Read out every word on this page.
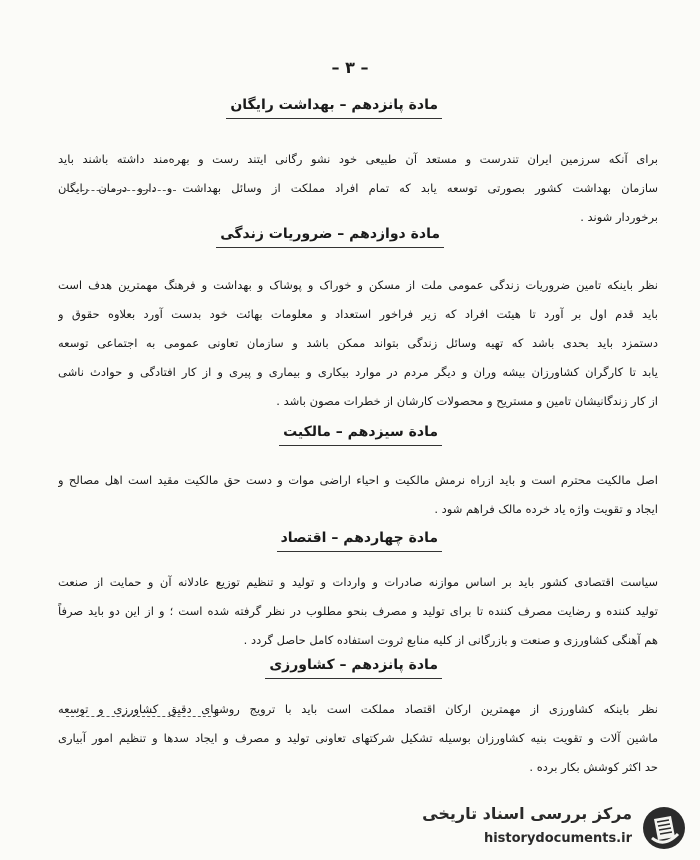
– ۳ –
مادة پانزدهم – بهداشت رایگان
برای آنکه سرزمین ایران تندرست و مستعد آن طبیعی خود نشو رگانی ایتند رست و بهره‌مند داشته باشند باید
سازمان بهداشت کشور بصورتی توسعه یابد که تمام افراد مملکت از وسائل بهداشت و دارو درمان رایگان
برخوردار شوند .
مادة دوازدهم – ضروریات زندگی
نظر باینکه تامین ضروریات زندگی عمومی ملت از مسکن و خوراک و پوشاک و بهداشت و فرهنگ مهمترین هدف است
باید قدم اول بر آورد تا هیئت افراد که زیر فراخور استعداد و معلومات بهائت خود بدست آورد بعلاوه حقوق و
دستمزد باید بحدی باشد که تهیه وسائل زندگی بتواند ممکن باشد و سازمان تعاونی عمومی به اجتماعی توسعه
یابد تا کارگران کشاورزان بیشه وران و دیگر مردم در موارد بیکاری و بیماری و پیری و از کار افتادگی و حوادث ناشی
از کار زندگانیشان تامین و مستریح و محصولات کارشان از خطرات مصون باشد .
مادة سیزدهم – مالکیت
اصل مالکیت محترم است و باید ازراه نرمش مالکیت و احیاء اراضی موات و دست حق مالکیت مقید است اهل مصالح و
ایجاد و تقویت واژه یاد خرده مالک فراهم شود .
مادة چهاردهم – اقتصاد
سیاست اقتصادی کشور باید بر اساس موازنه صادرات و واردات و تولید و تنظیم توزیع عادلانه آن و حمایت از صنعت
تولید کننده و رضایت مصرف کننده تا برای تولید و مصرف بنحو مطلوب در نظر گرفته شده است ؛ و از این دو باید صرفاً
هم آهنگی کشاورزی و صنعت و بازرگانی از کلیه منابع ثروت استفاده کامل حاصل گردد .
مادة پانزدهم – کشاورزی
نظر باینکه کشاورزی از مهمترین ارکان اقتصاد مملکت است باید با ترویج روشهای دقیق کشاورزی و توسعه
ماشین آلات و تقویت بنیه کشاورزان بوسیله تشکیل شرکتهای تعاونی تولید و مصرف و ایجاد سدها و تنظیم امور آبیاری
حد اکثر کوشش بکار برده .
مرکز بررسی اسناد تاریخی
historydocuments.ir
